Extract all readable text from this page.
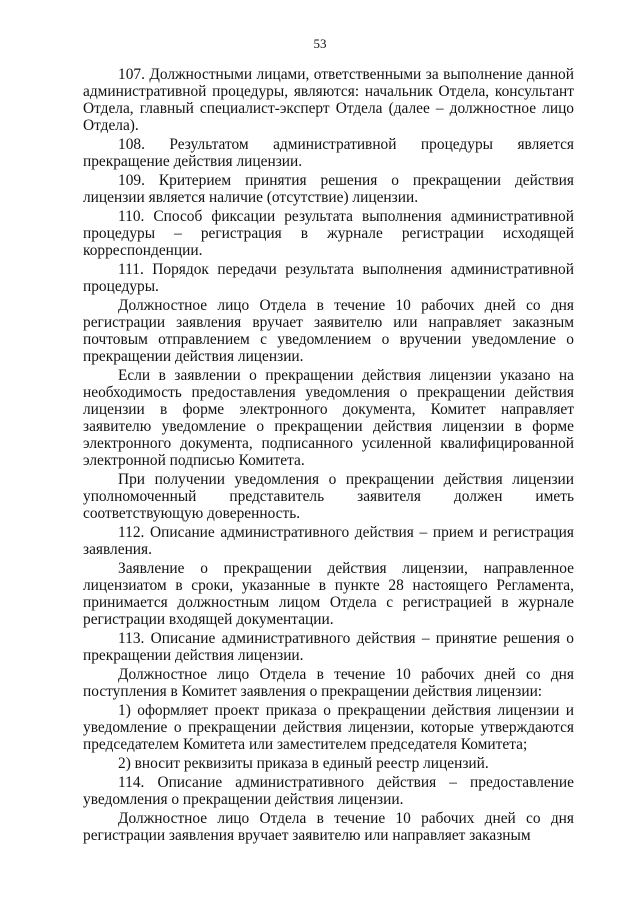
53

107. Должностными лицами, ответственными за выполнение данной административной процедуры, являются: начальник Отдела, консультант Отдела, главный специалист-эксперт Отдела (далее – должностное лицо Отдела).

108. Результатом административной процедуры является прекращение действия лицензии.

109. Критерием принятия решения о прекращении действия лицензии является наличие (отсутствие) лицензии.

110. Способ фиксации результата выполнения административной процедуры – регистрация в журнале регистрации исходящей корреспонденции.

111. Порядок передачи результата выполнения административной процедуры.

Должностное лицо Отдела в течение 10 рабочих дней со дня регистрации заявления вручает заявителю или направляет заказным почтовым отправлением с уведомлением о вручении уведомление о прекращении действия лицензии.

Если в заявлении о прекращении действия лицензии указано на необходимость предоставления уведомления о прекращении действия лицензии в форме электронного документа, Комитет направляет заявителю уведомление о прекращении действия лицензии в форме электронного документа, подписанного усиленной квалифицированной электронной подписью Комитета.

При получении уведомления о прекращении действия лицензии уполномоченный представитель заявителя должен иметь соответствующую доверенность.

112. Описание административного действия – прием и регистрация заявления.

Заявление о прекращении действия лицензии, направленное лицензиатом в сроки, указанные в пункте 28 настоящего Регламента, принимается должностным лицом Отдела с регистрацией в журнале регистрации входящей документации.

113. Описание административного действия – принятие решения о прекращении действия лицензии.

Должностное лицо Отдела в течение 10 рабочих дней со дня поступления в Комитет заявления о прекращении действия лицензии:

1) оформляет проект приказа о прекращении действия лицензии и уведомление о прекращении действия лицензии, которые утверждаются председателем Комитета или заместителем председателя Комитета;

2) вносит реквизиты приказа в единый реестр лицензий.

114. Описание административного действия – предоставление уведомления о прекращении действия лицензии.

Должностное лицо Отдела в течение 10 рабочих дней со дня регистрации заявления вручает заявителю или направляет заказным
